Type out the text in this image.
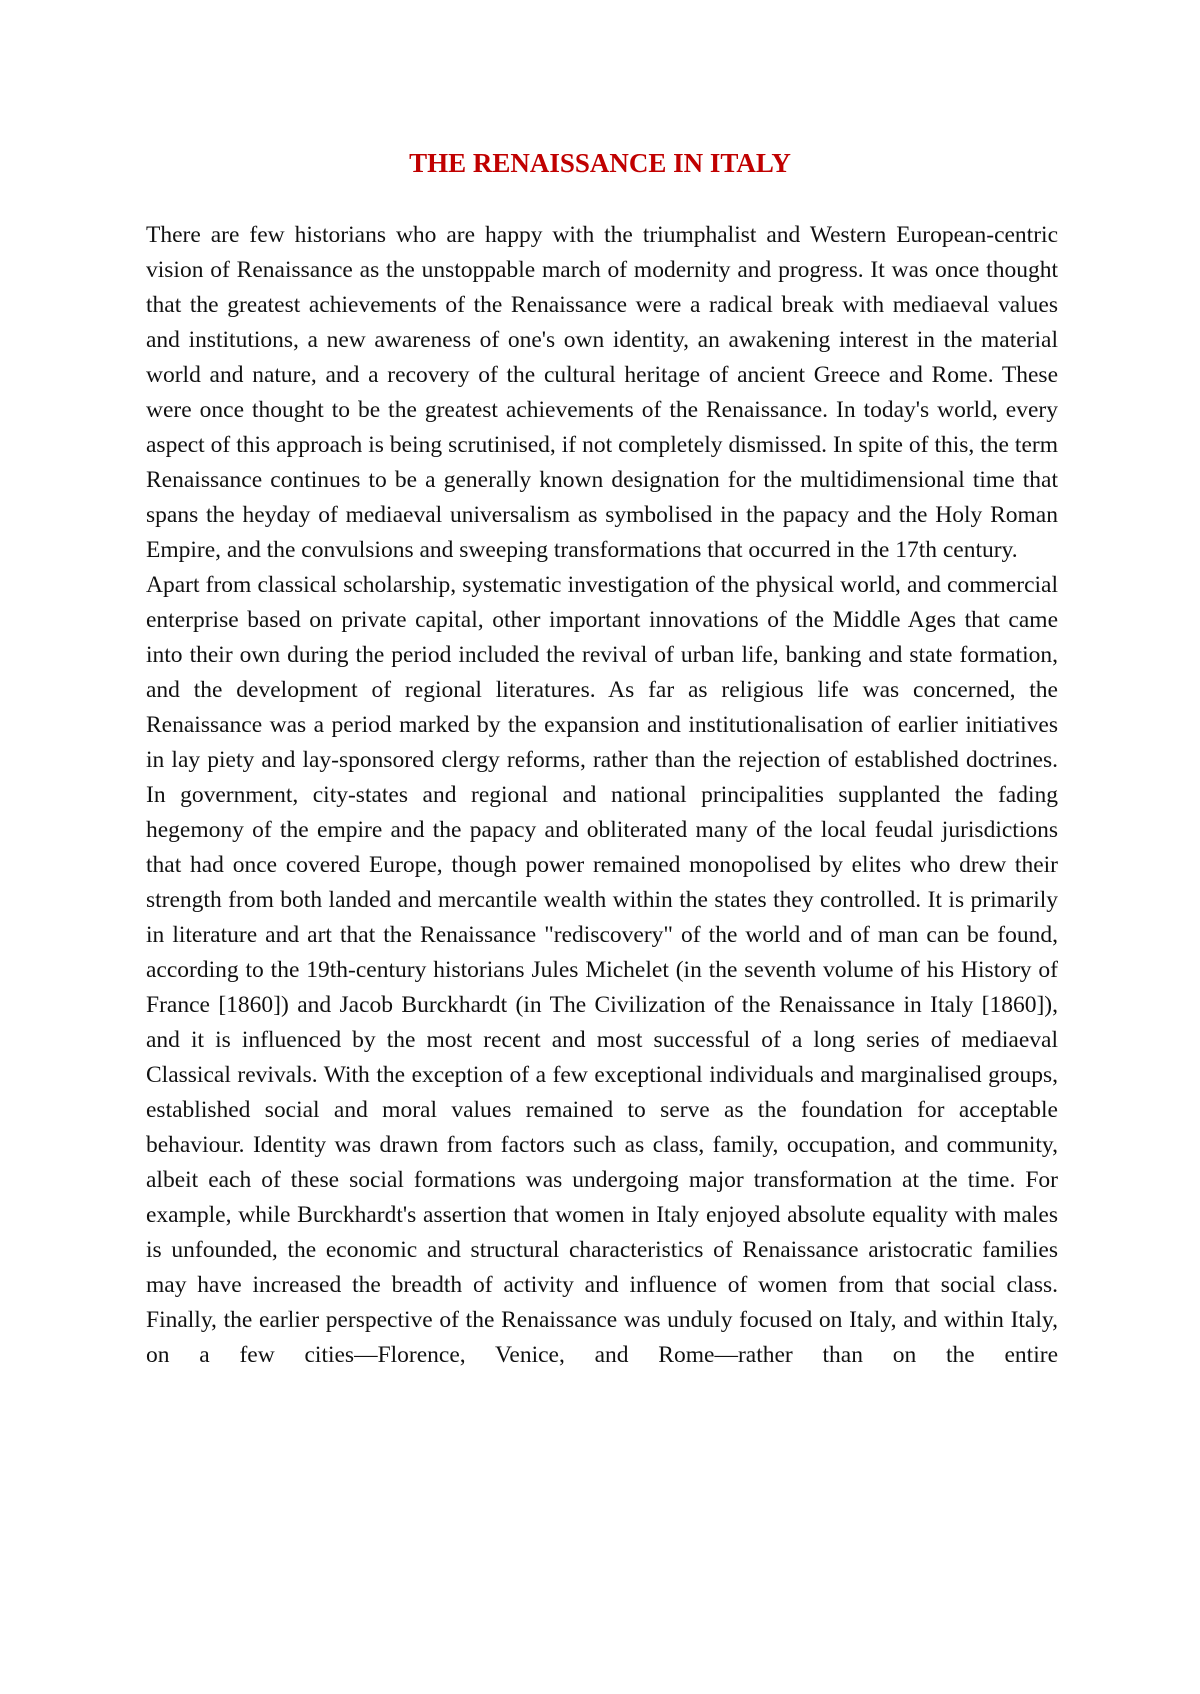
THE RENAISSANCE IN ITALY

There are few historians who are happy with the triumphalist and Western European-centric vision of Renaissance as the unstoppable march of modernity and progress. It was once thought that the greatest achievements of the Renaissance were a radical break with mediaeval values and institutions, a new awareness of one's own identity, an awakening interest in the material world and nature, and a recovery of the cultural heritage of ancient Greece and Rome. These were once thought to be the greatest achievements of the Renaissance. In today's world, every aspect of this approach is being scrutinised, if not completely dismissed. In spite of this, the term Renaissance continues to be a generally known designation for the multidimensional time that spans the heyday of mediaeval universalism as symbolised in the papacy and the Holy Roman Empire, and the convulsions and sweeping transformations that occurred in the 17th century.

Apart from classical scholarship, systematic investigation of the physical world, and commercial enterprise based on private capital, other important innovations of the Middle Ages that came into their own during the period included the revival of urban life, banking and state formation, and the development of regional literatures. As far as religious life was concerned, the Renaissance was a period marked by the expansion and institutionalisation of earlier initiatives in lay piety and lay-sponsored clergy reforms, rather than the rejection of established doctrines. In government, city-states and regional and national principalities supplanted the fading hegemony of the empire and the papacy and obliterated many of the local feudal jurisdictions that had once covered Europe, though power remained monopolised by elites who drew their strength from both landed and mercantile wealth within the states they controlled. It is primarily in literature and art that the Renaissance "rediscovery" of the world and of man can be found, according to the 19th-century historians Jules Michelet (in the seventh volume of his History of France [1860]) and Jacob Burckhardt (in The Civilization of the Renaissance in Italy [1860]), and it is influenced by the most recent and most successful of a long series of mediaeval Classical revivals. With the exception of a few exceptional individuals and marginalised groups, established social and moral values remained to serve as the foundation for acceptable behaviour. Identity was drawn from factors such as class, family, occupation, and community, albeit each of these social formations was undergoing major transformation at the time. For example, while Burckhardt's assertion that women in Italy enjoyed absolute equality with males is unfounded, the economic and structural characteristics of Renaissance aristocratic families may have increased the breadth of activity and influence of women from that social class. Finally, the earlier perspective of the Renaissance was unduly focused on Italy, and within Italy, on a few cities—Florence, Venice, and Rome—rather than on the entire
